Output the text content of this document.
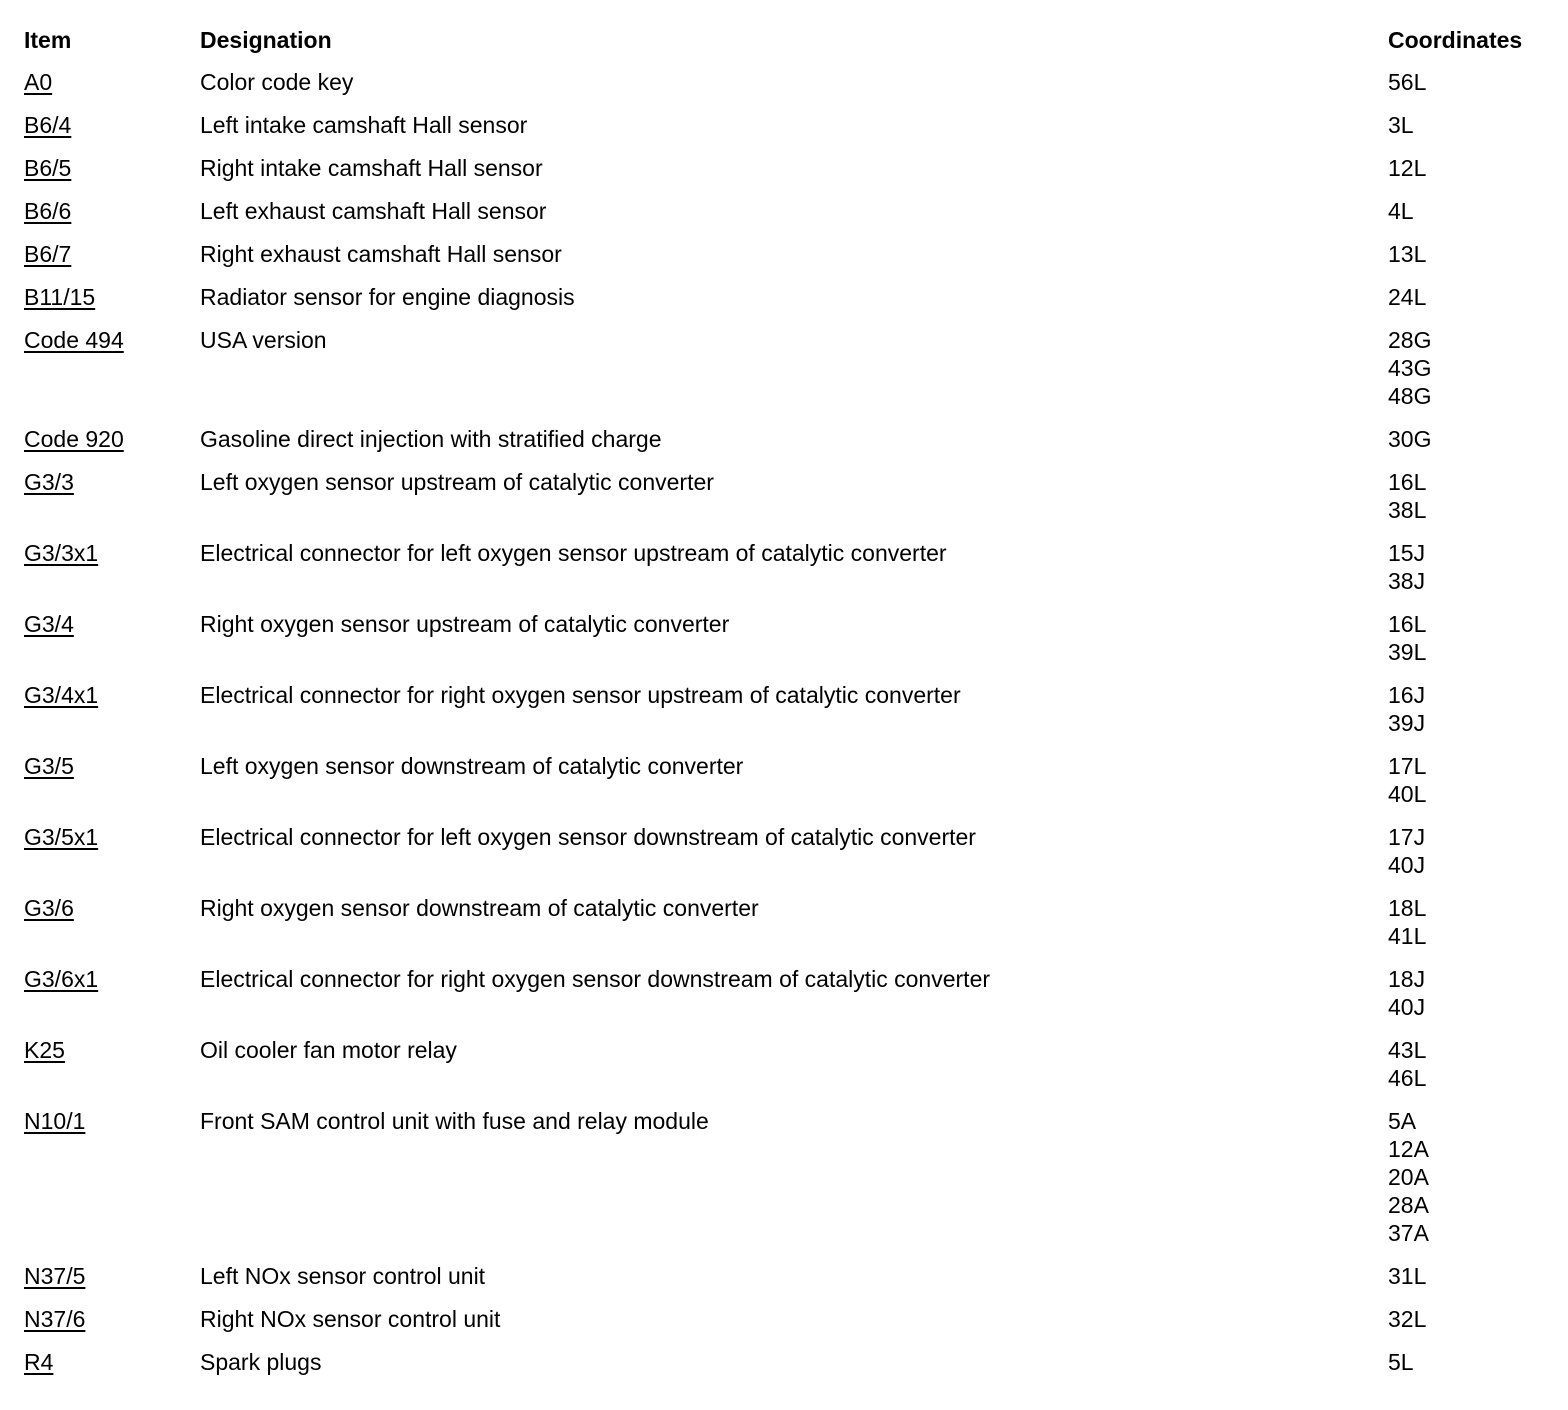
Item	Designation	Coordinates
A0	Color code key	56L

B6/4	Left intake camshaft Hall sensor	3L

B6/5	Right intake camshaft Hall sensor	12L

B6/6	Left exhaust camshaft Hall sensor	4L

B6/7	Right exhaust camshaft Hall sensor	13L

B11/15	Radiator sensor for engine diagnosis	24L

Code 494	USA version	28G
43G
48G

Code 920	Gasoline direct injection with stratified charge	30G

G3/3	Left oxygen sensor upstream of catalytic converter	16L
38L

G3/3x1	Electrical connector for left oxygen sensor upstream of catalytic converter	15J
38J

G3/4	Right oxygen sensor upstream of catalytic converter	16L
39L

G3/4x1	Electrical connector for right oxygen sensor upstream of catalytic converter	16J
39J

G3/5	Left oxygen sensor downstream of catalytic converter	17L
40L

G3/5x1	Electrical connector for left oxygen sensor downstream of catalytic converter	17J
40J

G3/6	Right oxygen sensor downstream of catalytic converter	18L
41L

G3/6x1	Electrical connector for right oxygen sensor downstream of catalytic converter	18J
40J

K25	Oil cooler fan motor relay	43L
46L

N10/1	Front SAM control unit with fuse and relay module	5A
12A
20A
28A
37A

N37/5	Left NOx sensor control unit	31L

N37/6	Right NOx sensor control unit	32L

R4	Spark plugs	5L
